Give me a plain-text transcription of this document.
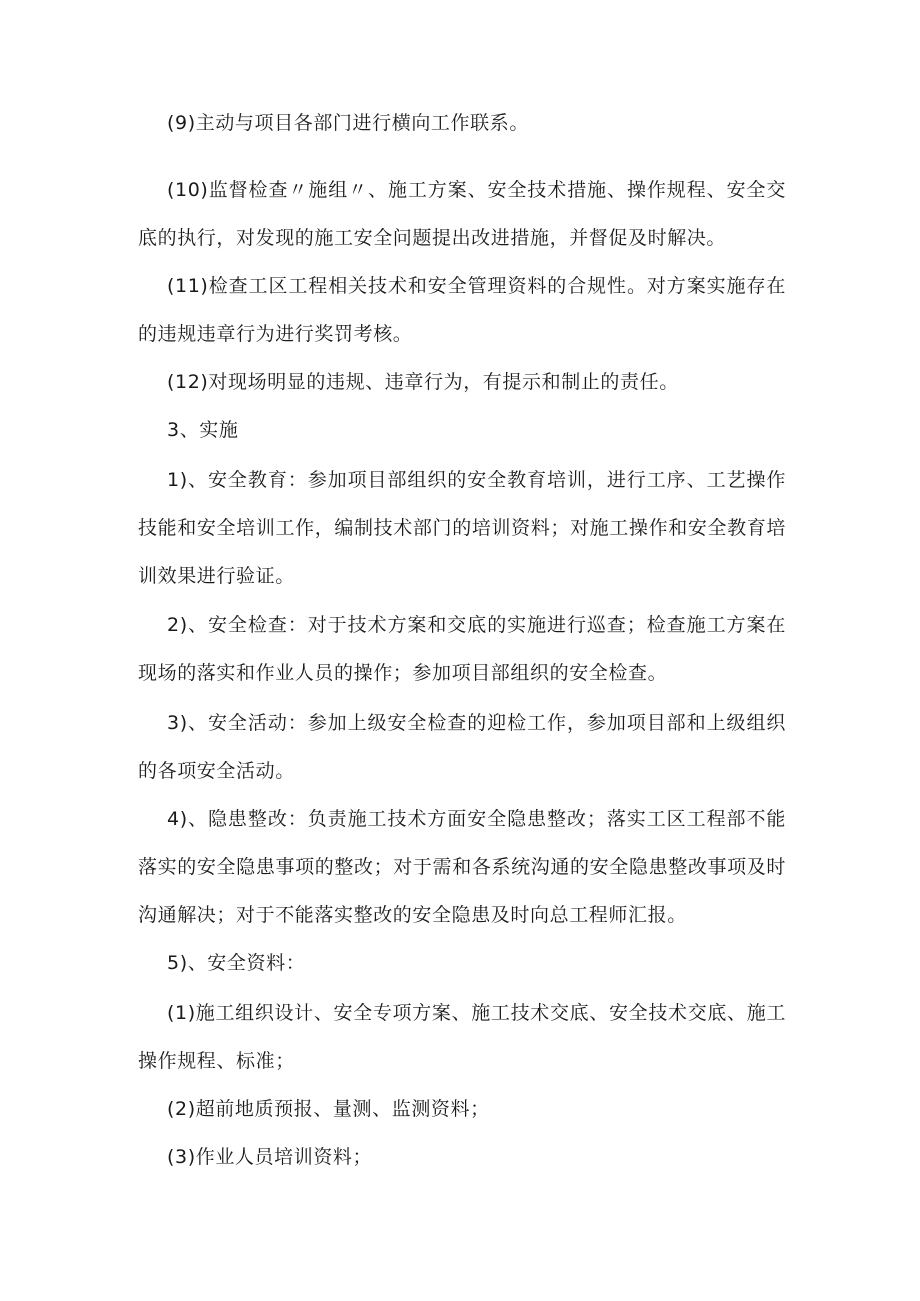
(9)主动与项目各部门进行横向工作联系。

(10)监督检查〃施组〃、施工方案、安全技术措施、操作规程、安全交底的执行，对发现的施工安全问题提出改进措施，并督促及时解决。

(11)检查工区工程相关技术和安全管理资料的合规性。对方案实施存在的违规违章行为进行奖罚考核。

(12)对现场明显的违规、违章行为，有提示和制止的责任。

3、实施

1)、安全教育：参加项目部组织的安全教育培训，进行工序、工艺操作技能和安全培训工作，编制技术部门的培训资料；对施工操作和安全教育培训效果进行验证。

2)、安全检查：对于技术方案和交底的实施进行巡查；检查施工方案在现场的落实和作业人员的操作；参加项目部组织的安全检查。

3)、安全活动：参加上级安全检查的迎检工作，参加项目部和上级组织的各项安全活动。

4)、隐患整改：负责施工技术方面安全隐患整改；落实工区工程部不能落实的安全隐患事项的整改；对于需和各系统沟通的安全隐患整改事项及时沟通解决；对于不能落实整改的安全隐患及时向总工程师汇报。

5)、安全资料：

(1)施工组织设计、安全专项方案、施工技术交底、安全技术交底、施工操作规程、标准；

(2)超前地质预报、量测、监测资料；

(3)作业人员培训资料；
